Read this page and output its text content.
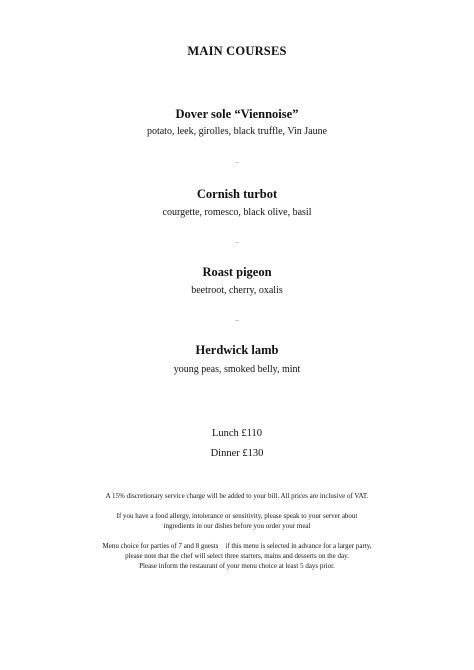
MAIN COURSES
Dover sole “Viennoise”
potato, leek, girolles, black truffle, Vin Jaune
–
Cornish turbot
courgette, romesco, black olive, basil
–
Roast pigeon
beetroot, cherry, oxalis
–
Herdwick lamb
young peas, smoked belly, mint
Lunch £110
Dinner £130
A 15% discretionary service charge will be added to your bill. All prices are inclusive of VAT.
If you have a food allergy, intolerance or sensitivity, please speak to your server about
ingredients in our dishes before you order your meal
Menu choice for parties of 7 and 8 guests    if this menu is selected in advance for a larger party,
please note that the chef will select three starters, mains and desserts on the day.
Please inform the restaurant of your menu choice at least 5 days prior.
